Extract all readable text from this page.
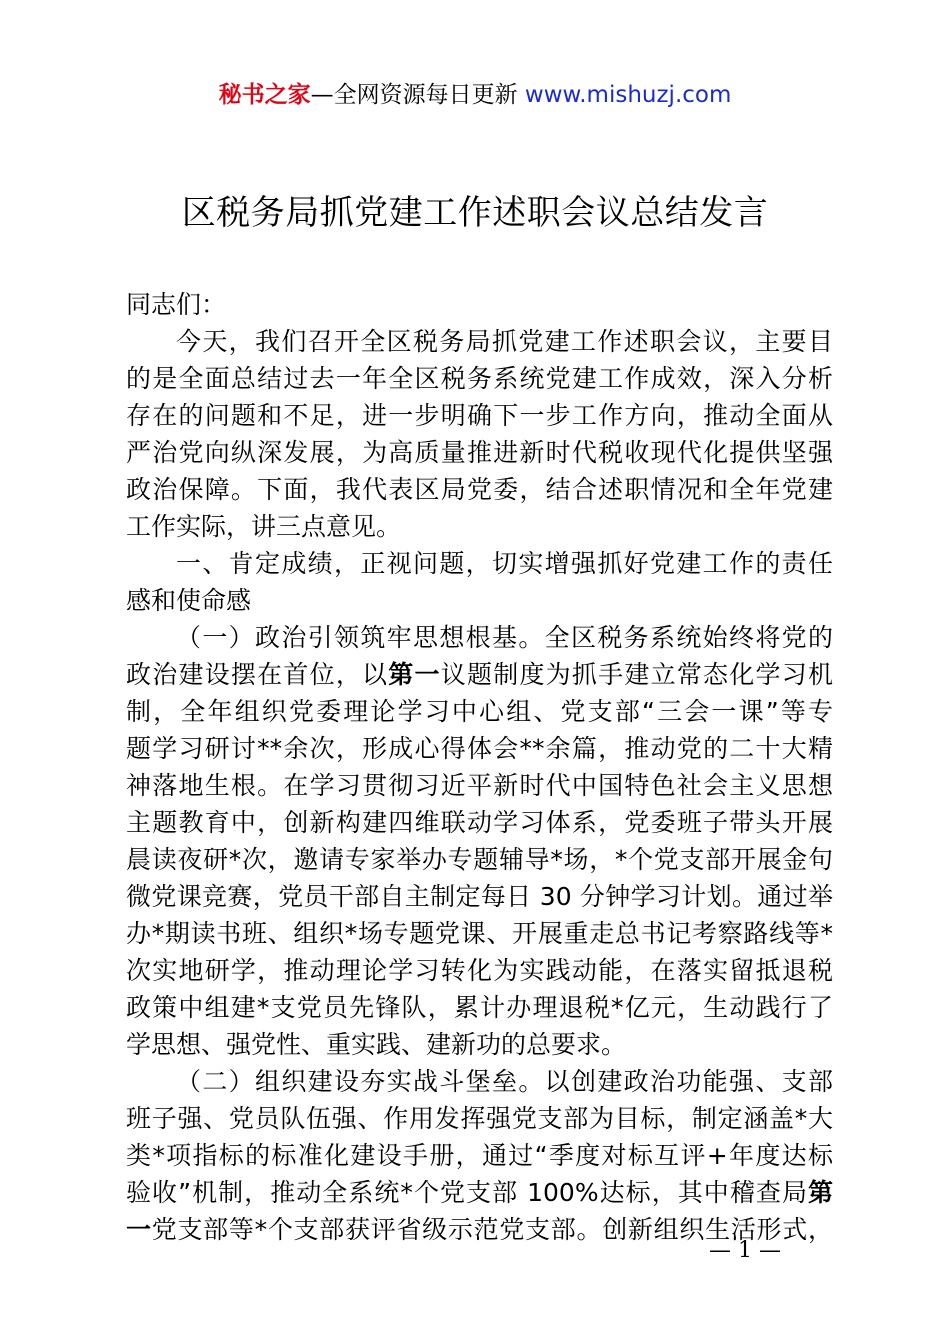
秘书之家—全网资源每日更新 www.mishuzj.com
区税务局抓党建工作述职会议总结发言
同志们：
今天，我们召开全区税务局抓党建工作述职会议，主要目
的是全面总结过去一年全区税务系统党建工作成效，深入分析
存在的问题和不足，进一步明确下一步工作方向，推动全面从
严治党向纵深发展，为高质量推进新时代税收现代化提供坚强
政治保障。下面，我代表区局党委，结合述职情况和全年党建
工作实际，讲三点意见。
一、肯定成绩，正视问题，切实增强抓好党建工作的责任
感和使命感
（一）政治引领筑牢思想根基。全区税务系统始终将党的
政治建设摆在首位，以第一议题制度为抓手建立常态化学习机
制，全年组织党委理论学习中心组、党支部“三会一课”等专
题学习研讨**余次，形成心得体会**余篇，推动党的二十大精
神落地生根。在学习贯彻习近平新时代中国特色社会主义思想
主题教育中，创新构建四维联动学习体系，党委班子带头开展
晨读夜研*次，邀请专家举办专题辅导*场，*个党支部开展金句
微党课竞赛，党员干部自主制定每日 30 分钟学习计划。通过举
办*期读书班、组织*场专题党课、开展重走总书记考察路线等*
次实地研学，推动理论学习转化为实践动能，在落实留抵退税
政策中组建*支党员先锋队，累计办理退税*亿元，生动践行了
学思想、强党性、重实践、建新功的总要求。
（二）组织建设夯实战斗堡垒。以创建政治功能强、支部
班子强、党员队伍强、作用发挥强党支部为目标，制定涵盖*大
类*项指标的标准化建设手册，通过“季度对标互评+年度达标
验收”机制，推动全系统*个党支部 100%达标，其中稽查局第
一党支部等*个支部获评省级示范党支部。创新组织生活形式，
— 1 —
